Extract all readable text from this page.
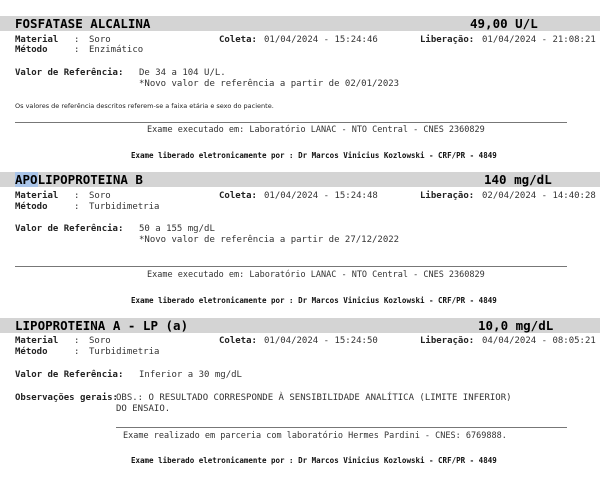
FOSFATASE ALCALINA	49,00 U/L
Material : Soro	Coleta: 01/04/2024 - 15:24:46	Liberação: 01/04/2024 - 21:08:21
Método	: Enzimático
Valor de Referência: De 34 a 104 U/L.
*Novo valor de referência a partir de 02/01/2023
Os valores de referência descritos referem-se a faixa etária e sexo do paciente.
Exame executado em: Laboratório LANAC - NTO Central - CNES 2360829
Exame liberado eletronicamente por : Dr Marcos Vinicius Kozlowski - CRF/PR - 4849
APOLIPOPROTEINA B	140 mg/dL
Material : Soro	Coleta: 01/04/2024 - 15:24:48	Liberação: 02/04/2024 - 14:40:28
Método	: Turbidimetria
Valor de Referência: 50 a 155 mg/dL
*Novo valor de referência a partir de 27/12/2022
Exame executado em: Laboratório LANAC - NTO Central - CNES 2360829
Exame liberado eletronicamente por : Dr Marcos Vinicius Kozlowski - CRF/PR - 4849
LIPOPROTEINA A - LP (a)	10,0 mg/dL
Material : Soro	Coleta: 01/04/2024 - 15:24:50	Liberação: 04/04/2024 - 08:05:21
Método	: Turbidimetria
Valor de Referência: Inferior a 30 mg/dL
Observações gerais:
OBS.: O RESULTADO CORRESPONDE À SENSIBILIDADE ANALÍTICA (LIMITE INFERIOR)
DO ENSAIO.
Exame realizado em parceria com laboratório Hermes Pardini - CNES: 6769888.
Exame liberado eletronicamente por : Dr Marcos Vinicius Kozlowski - CRF/PR - 4849
